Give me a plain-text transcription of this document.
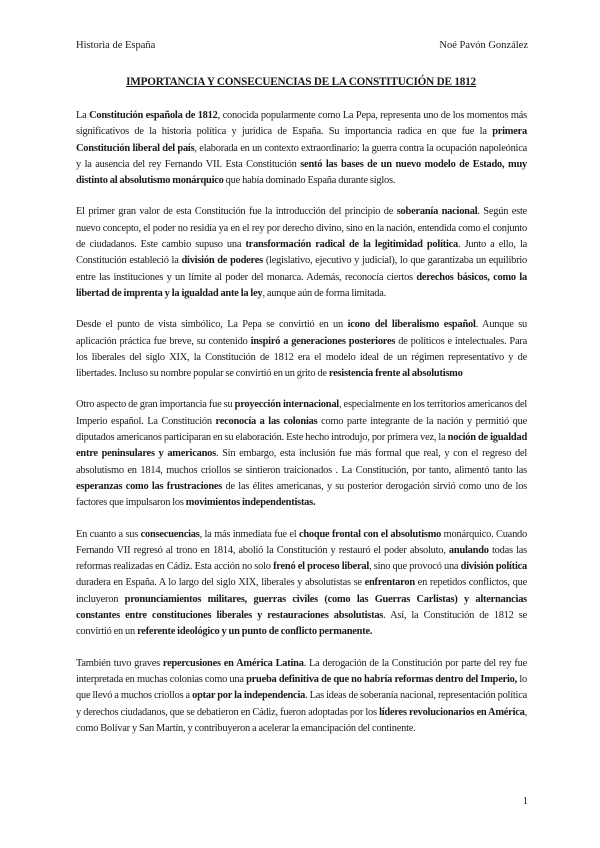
Historia de España	Noé Pavón González
IMPORTANCIA Y CONSECUENCIAS DE LA CONSTITUCIÓN DE 1812

La Constitución española de 1812, conocida popularmente como La Pepa, representa uno de los momentos más significativos de la historia política y jurídica de España. Su importancia radica en que fue la primera Constitución liberal del país, elaborada en un contexto extraordinario: la guerra contra la ocupación napoleónica y la ausencia del rey Fernando VII. Esta Constitución sentó las bases de un nuevo modelo de Estado, muy distinto al absolutismo monárquico que había dominado España durante siglos.

El primer gran valor de esta Constitución fue la introducción del principio de soberanía nacional. Según este nuevo concepto, el poder no residía ya en el rey por derecho divino, sino en la nación, entendida como el conjunto de ciudadanos. Este cambio supuso una transformación radical de la legitimidad política. Junto a ello, la Constitución estableció la división de poderes (legislativo, ejecutivo y judicial), lo que garantizaba un equilibrio entre las instituciones y un límite al poder del monarca. Además, reconocía ciertos derechos básicos, como la libertad de imprenta y la igualdad ante la ley, aunque aún de forma limitada.

Desde el punto de vista simbólico, La Pepa se convirtió en un icono del liberalismo español. Aunque su aplicación práctica fue breve, su contenido inspiró a generaciones posteriores de políticos e intelectuales. Para los liberales del siglo XIX, la Constitución de 1812 era el modelo ideal de un régimen representativo y de libertades. Incluso su nombre popular se convirtió en un grito de resistencia frente al absolutismo

Otro aspecto de gran importancia fue su proyección internacional, especialmente en los territorios americanos del Imperio español. La Constitución reconocía a las colonias como parte integrante de la nación y permitió que diputados americanos participaran en su elaboración. Este hecho introdujo, por primera vez, la noción de igualdad entre peninsulares y americanos. Sin embargo, esta inclusión fue más formal que real, y con el regreso del absolutismo en 1814, muchos criollos se sintieron traicionados . La Constitución, por tanto, alimentó tanto las esperanzas como las frustraciones de las élites americanas, y su posterior derogación sirvió como uno de los factores que impulsaron los movimientos independentistas.

En cuanto a sus consecuencias, la más inmediata fue el choque frontal con el absolutismo monárquico. Cuando Fernando VII regresó al trono en 1814, abolió la Constitución y restauró el poder absoluto, anulando todas las reformas realizadas en Cádiz. Esta acción no solo frenó el proceso liberal, sino que provocó una división política duradera en España. A lo largo del siglo XIX, liberales y absolutistas se enfrentaron en repetidos conflictos, que incluyeron pronunciamientos militares, guerras civiles (como las Guerras Carlistas) y alternancias constantes entre constituciones liberales y restauraciones absolutistas. Así, la Constitución de 1812 se convirtió en un referente ideológico y un punto de conflicto permanente.

También tuvo graves repercusiones en América Latina. La derogación de la Constitución por parte del rey fue interpretada en muchas colonias como una prueba definitiva de que no habría reformas dentro del Imperio, lo que llevó a muchos criollos a optar por la independencia. Las ideas de soberanía nacional, representación política y derechos ciudadanos, que se debatieron en Cádiz, fueron adoptadas por los líderes revolucionarios en América, como Bolívar y San Martín, y contribuyeron a acelerar la emancipación del continente.

1
